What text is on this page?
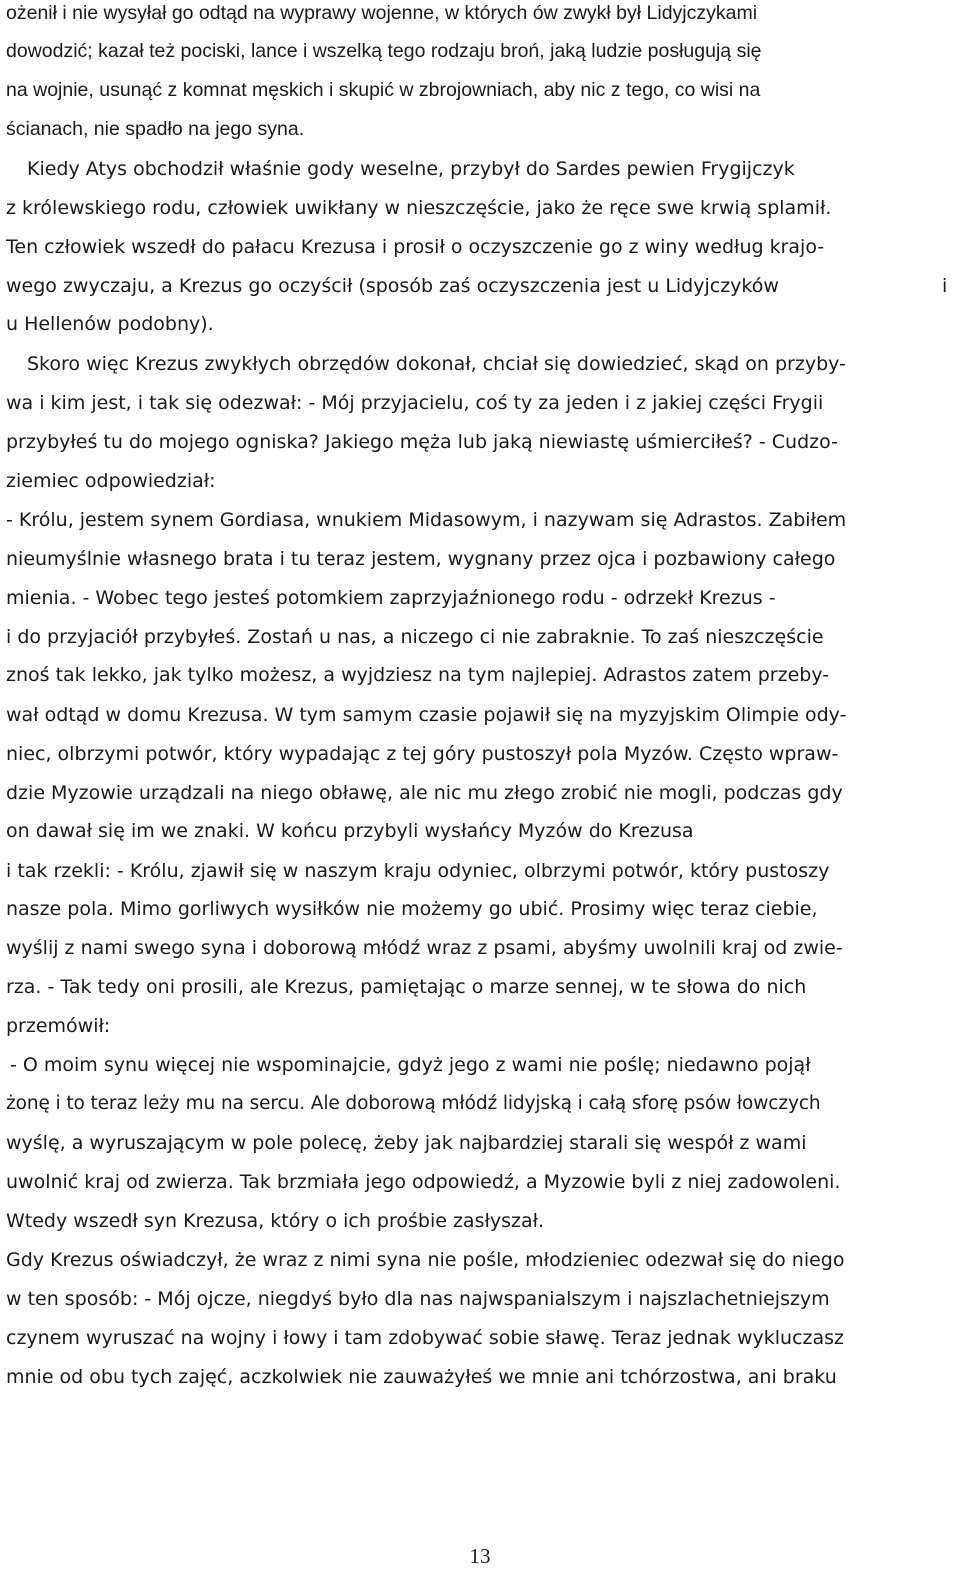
ożenił i nie wysyłał go odtąd na wyprawy wojenne, w których ów zwykł był Lidyjczykami
dowodzić; kazał też pociski, lance i wszelką tego rodzaju broń, jaką ludzie posługują się
na wojnie, usunąć z komnat męskich i skupić w zbrojowniach, aby nic z tego, co wisi na
ścianach, nie spadło na jego syna.
Kiedy Atys obchodził właśnie gody weselne, przybył do Sardes pewien Frygijczyk
z królewskiego rodu, człowiek uwikłany w nieszczęście, jako że ręce swe krwią splamił.
Ten człowiek wszedł do pałacu Krezusa i prosił o oczyszczenie go z winy według krajo-
wego zwyczaju, a Krezus go oczyścił (sposób zaś oczyszczenia jest u Lidyjczyków	i
u Hellenów podobny).
Skoro więc Krezus zwykłych obrzędów dokonał, chciał się dowiedzieć, skąd on przyby-
wa i kim jest, i tak się odezwał: - Mój przyjacielu, coś ty za jeden i z jakiej części Frygii
przybyłeś tu do mojego ogniska? Jakiego męża lub jaką niewiastę uśmierciłeś? - Cudzo-
ziemiec odpowiedział:
- Królu, jestem synem Gordiasa, wnukiem Midasowym, i nazywam się Adrastos. Zabiłem
nieumyślnie własnego brata i tu teraz jestem, wygnany przez ojca i pozbawiony całego
mienia. - Wobec tego jesteś potomkiem zaprzyjaźnionego rodu - odrzekł Krezus -
i do przyjaciół przybyłeś. Zostań u nas, a niczego ci nie zabraknie. To zaś nieszczęście
znoś tak lekko, jak tylko możesz, a wyjdziesz na tym najlepiej. Adrastos zatem przeby-
wał odtąd w domu Krezusa. W tym samym czasie pojawił się na myzyjskim Olimpie ody-
niec, olbrzymi potwór, który wypadając z tej góry pustoszył pola Myzów. Często wpraw-
dzie Myzowie urządzali na niego obławę, ale nic mu złego zrobić nie mogli, podczas gdy
on dawał się im we znaki. W końcu przybyli wysłańcy Myzów do Krezusa
i tak rzekli: - Królu, zjawił się w naszym kraju odyniec, olbrzymi potwór, który pustoszy
nasze pola. Mimo gorliwych wysiłków nie możemy go ubić. Prosimy więc teraz ciebie,
wyślij z nami swego syna i doborową młódź wraz z psami, abyśmy uwolnili kraj od zwie-
rza. - Tak tedy oni prosili, ale Krezus, pamiętając o marze sennej, w te słowa do nich
przemówił:
- O moim synu więcej nie wspominajcie, gdyż jego z wami nie poślę; niedawno pojął
żonę i to teraz leży mu na sercu. Ale doborową młódź lidyjską i całą sforę psów łowczych
wyślę, a wyruszającym w pole polecę, żeby jak najbardziej starali się wespół z wami
uwolnić kraj od zwierza. Tak brzmiała jego odpowiedź, a Myzowie byli z niej zadowoleni.
Wtedy wszedł syn Krezusa, który o ich prośbie zasłyszał.
Gdy Krezus oświadczył, że wraz z nimi syna nie pośle, młodzieniec odezwał się do niego
w ten sposób: - Mój ojcze, niegdyś było dla nas najwspanialszym i najszlachetniejszym
czynem wyruszać na wojny i łowy i tam zdobywać sobie sławę. Teraz jednak wykluczasz
mnie od obu tych zajęć, aczkolwiek nie zauważyłeś we mnie ani tchórzostwa, ani braku
13
